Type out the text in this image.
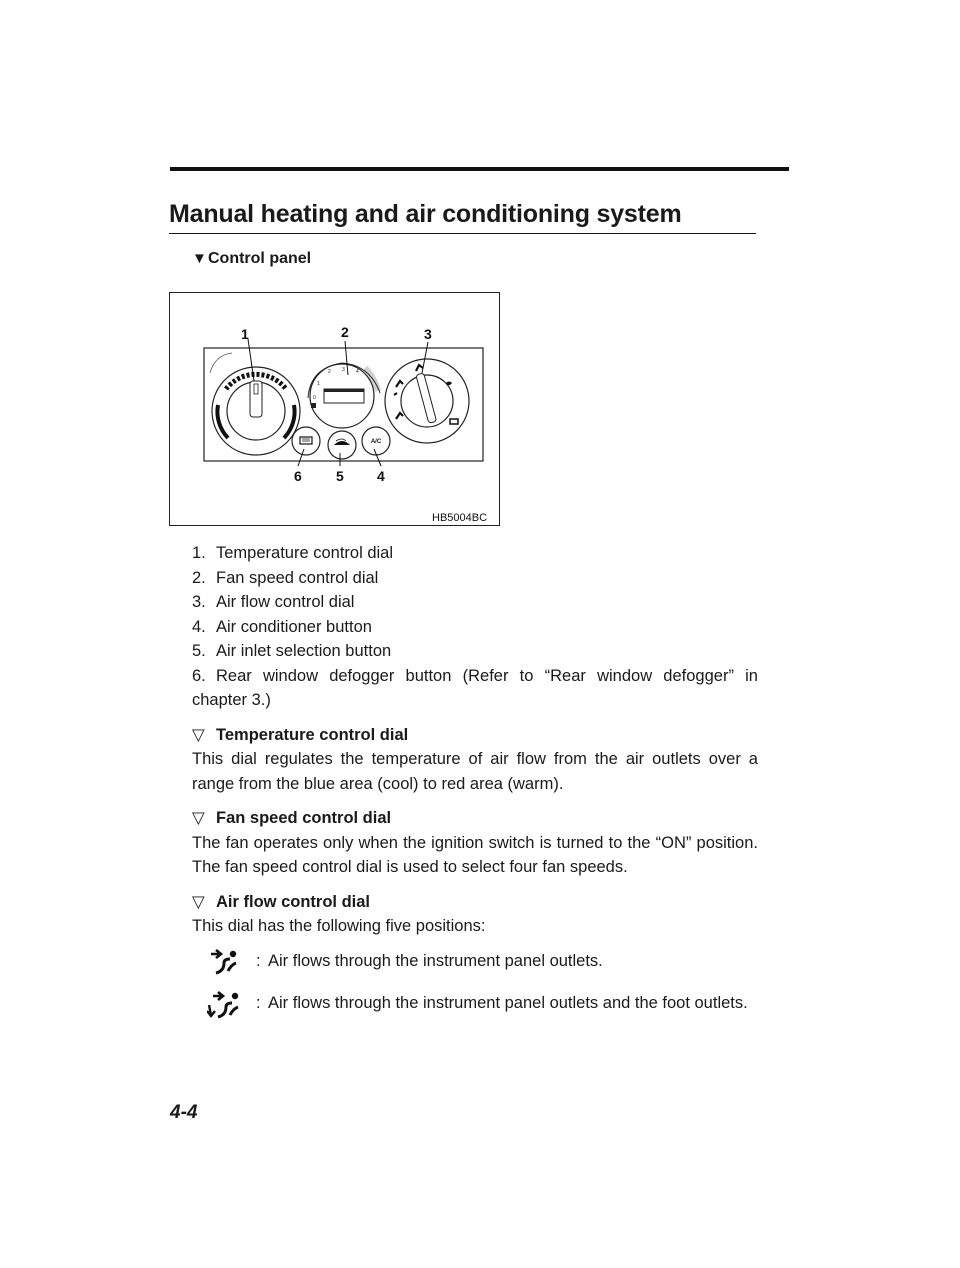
Manual heating and air conditioning system
▼Control panel
1
2 3 4
0
A/C
1	2	3
4
5
6
HB5004BC
1. Temperature control dial
2. Fan speed control dial
3. Air flow control dial
4. Air conditioner button
5. Air inlet selection button
6. Rear window defogger button (Refer to “Rear window defogger” in chapter 3.)
▽ Temperature control dial

This dial regulates the temperature of air flow from the air outlets over a range from the blue area (cool) to red area (warm).

▽ Fan speed control dial

The fan operates only when the ignition switch is turned to the “ON” position. The fan speed control dial is used to select four fan speeds.

▽ Air flow control dial

This dial has the following five positions:

: Air flows through the instrument panel outlets.
: Air flows through the instrument panel outlets and the foot outlets.
4-4
